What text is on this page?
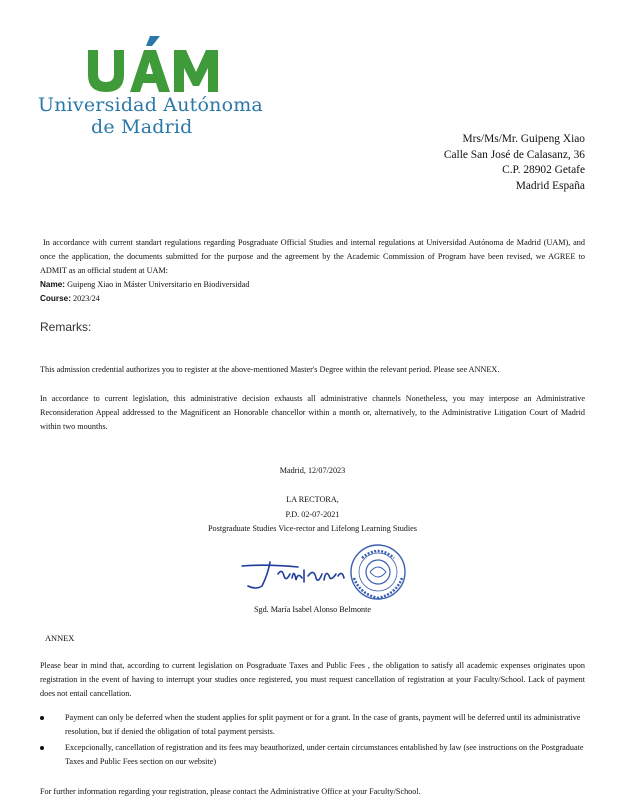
Universidad Autónoma
de Madrid
Mrs/Ms/Mr. Guipeng Xiao
Calle San José de Calasanz, 36
C.P. 28902 Getafe
Madrid España
In accordance with current standart regulations regarding Posgraduate Official Studies and internal regulations at Universidad Autónoma de Madrid (UAM), and once the application, the documents submitted for the purpose and the agreement by the Academic Commission of Program have been revised, we AGREE to ADMIT as an official student at UAM:
Name: Guipeng Xiao in Máster Universitario en Biodiversidad
Course: 2023/24
Remarks:
This admission credential authorizes you to register at the above-mentioned Master's Degree within the relevant period. Please see ANNEX.
In accordance to current legislation, this administrative decision exhausts all administrative channels Nonetheless, you may interpose an Administrative Reconsideration Appeal addressed to the Magnificent an Honorable chancellor within a month or, alternatively, to the Administrative Litigation Court of Madrid within two mounths.
Madrid, 12/07/2023
LA RECTORA,
P.D. 02-07-2021
Postgraduate Studies Vice-rector and Lifelong Learning Studies
Sgd. María Isabel Alonso Belmonte
ANNEX
Please bear in mind that, according to current legislation on Posgraduate Taxes and Public Fees , the obligation to satisfy all academic expenses originates upon registration in the event of having to interrupt your studies once registered, you must request cancellation of registration at your Faculty/School. Lack of payment does not entail cancellation.
Payment can only be deferred when the student applies for split payment or for a grant. In the case of grants, payment will be deferred until its administrative resolution, but if denied the obligation of total payment persists.
Excepcionally, cancellation of registration and its fees may beauthorized, under certain circumstances entablished by law (see instructions on the Postgraduate Taxes and Public Fees section on our website)
For further information regarding your registration, please contact the Administrative Office at your Faculty/School.
